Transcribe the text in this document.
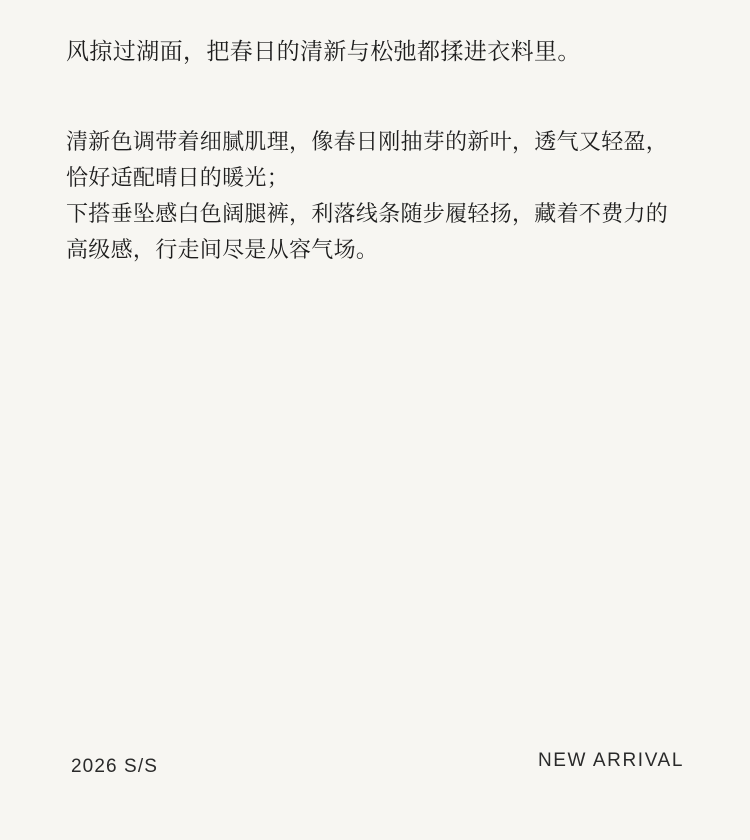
风掠过湖面，把春日的清新与松弛都揉进衣料里。

清新色调带着细腻肌理，像春日刚抽芽的新叶，透气又轻盈，恰好适配晴日的暖光；

下搭垂坠感白色阔腿裤，利落线条随步履轻扬，藏着不费力的高级感，行走间尽是从容气场。

2026 S/S	NEW ARRIVAL
